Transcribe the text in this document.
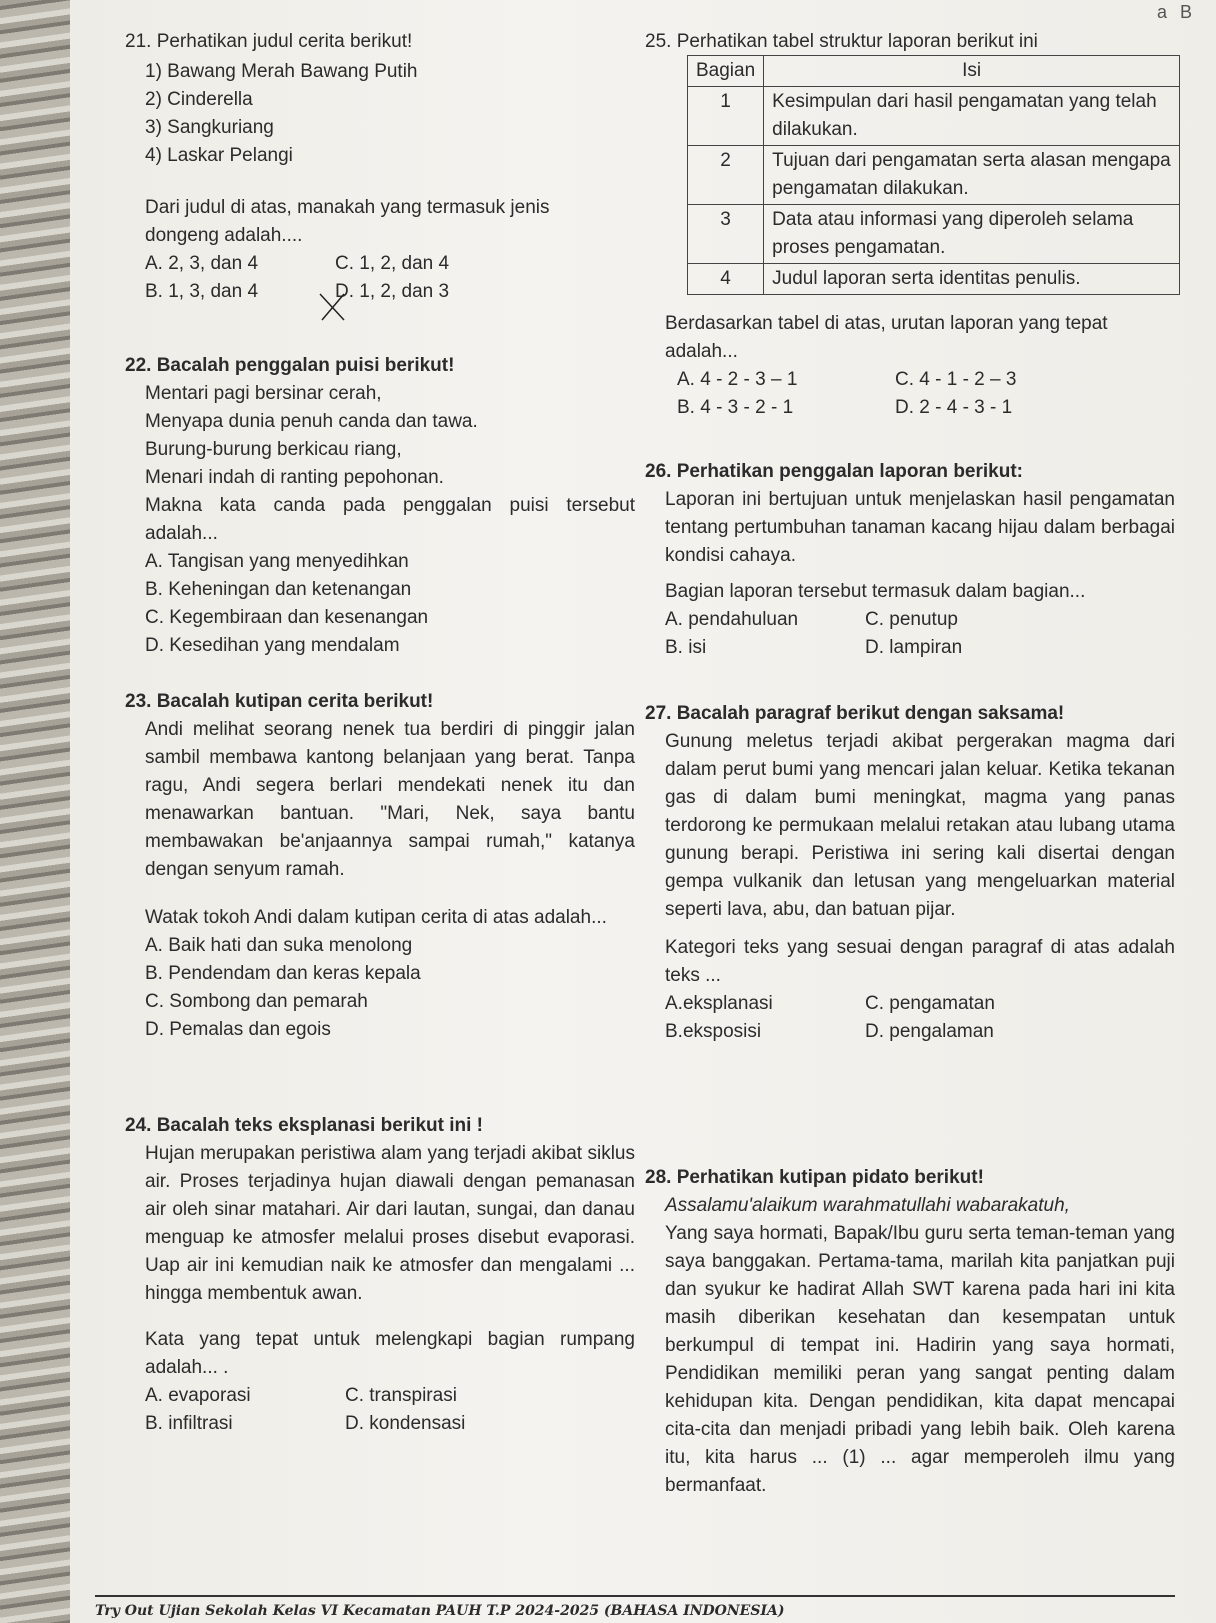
a B
21. Perhatikan judul cerita berikut!
1) Bawang Merah Bawang Putih
2) Cinderella
3) Sangkuriang
4) Laskar Pelangi
Dari judul di atas, manakah yang termasuk jenis dongeng adalah....
A. 2, 3, dan 4	C. 1, 2, dan 4
B. 1, 3, dan 4	D. 1, 2, dan 3
22. Bacalah penggalan puisi berikut!
Mentari pagi bersinar cerah,
Menyapa dunia penuh canda dan tawa.
Burung-burung berkicau riang,
Menari indah di ranting pepohonan.
Makna kata canda pada penggalan puisi tersebut adalah...
A. Tangisan yang menyedihkan
B. Keheningan dan ketenangan
C. Kegembiraan dan kesenangan
D. Kesedihan yang mendalam
23. Bacalah kutipan cerita berikut!
Andi melihat seorang nenek tua berdiri di pinggir jalan sambil membawa kantong belanjaan yang berat. Tanpa ragu, Andi segera berlari mendekati nenek itu dan menawarkan bantuan. "Mari, Nek, saya bantu membawakan be'anjaannya sampai rumah," katanya dengan senyum ramah.
Watak tokoh Andi dalam kutipan cerita di atas adalah...
A. Baik hati dan suka menolong
B. Pendendam dan keras kepala
C. Sombong dan pemarah
D. Pemalas dan egois
24. Bacalah teks eksplanasi berikut ini !
Hujan merupakan peristiwa alam yang terjadi akibat siklus air. Proses terjadinya hujan diawali dengan pemanasan air oleh sinar matahari. Air dari lautan, sungai, dan danau menguap ke atmosfer melalui proses disebut evaporasi. Uap air ini kemudian naik ke atmosfer dan mengalami ... hingga membentuk awan.
Kata yang tepat untuk melengkapi bagian rumpang adalah... .
A. evaporasi	C. transpirasi
B. infiltrasi	D. kondensasi
25. Perhatikan tabel struktur laporan berikut ini
Bagian	Isi
1	Kesimpulan dari hasil pengamatan yang telah dilakukan.
2	Tujuan dari pengamatan serta alasan mengapa pengamatan dilakukan.
3	Data atau informasi yang diperoleh selama proses pengamatan.
4	Judul laporan serta identitas penulis.
Berdasarkan tabel di atas, urutan laporan yang tepat adalah...
A. 4 - 2 - 3 – 1	C. 4 - 1 - 2 – 3
B. 4 - 3 - 2 - 1	D. 2 - 4 - 3 - 1
26. Perhatikan penggalan laporan berikut:
Laporan ini bertujuan untuk menjelaskan hasil pengamatan tentang pertumbuhan tanaman kacang hijau dalam berbagai kondisi cahaya.
Bagian laporan tersebut termasuk dalam bagian...
A. pendahuluan	C. penutup
B. isi	D. lampiran
27. Bacalah paragraf berikut dengan saksama!
Gunung meletus terjadi akibat pergerakan magma dari dalam perut bumi yang mencari jalan keluar. Ketika tekanan gas di dalam bumi meningkat, magma yang panas terdorong ke permukaan melalui retakan atau lubang utama gunung berapi. Peristiwa ini sering kali disertai dengan gempa vulkanik dan letusan yang mengeluarkan material seperti lava, abu, dan batuan pijar.
Kategori teks yang sesuai dengan paragraf di atas adalah teks ...
A.eksplanasi	C. pengamatan
B.eksposisi	D. pengalaman
28. Perhatikan kutipan pidato berikut!
Assalamu'alaikum warahmatullahi wabarakatuh,
Yang saya hormati, Bapak/Ibu guru serta teman-teman yang saya banggakan. Pertama-tama, marilah kita panjatkan puji dan syukur ke hadirat Allah SWT karena pada hari ini kita masih diberikan kesehatan dan kesempatan untuk berkumpul di tempat ini. Hadirin yang saya hormati, Pendidikan memiliki peran yang sangat penting dalam kehidupan kita. Dengan pendidikan, kita dapat mencapai cita-cita dan menjadi pribadi yang lebih baik. Oleh karena itu, kita harus ... (1) ... agar memperoleh ilmu yang bermanfaat.
Try Out Ujian Sekolah Kelas VI Kecamatan PAUH T.P 2024-2025 (BAHASA INDONESIA)
